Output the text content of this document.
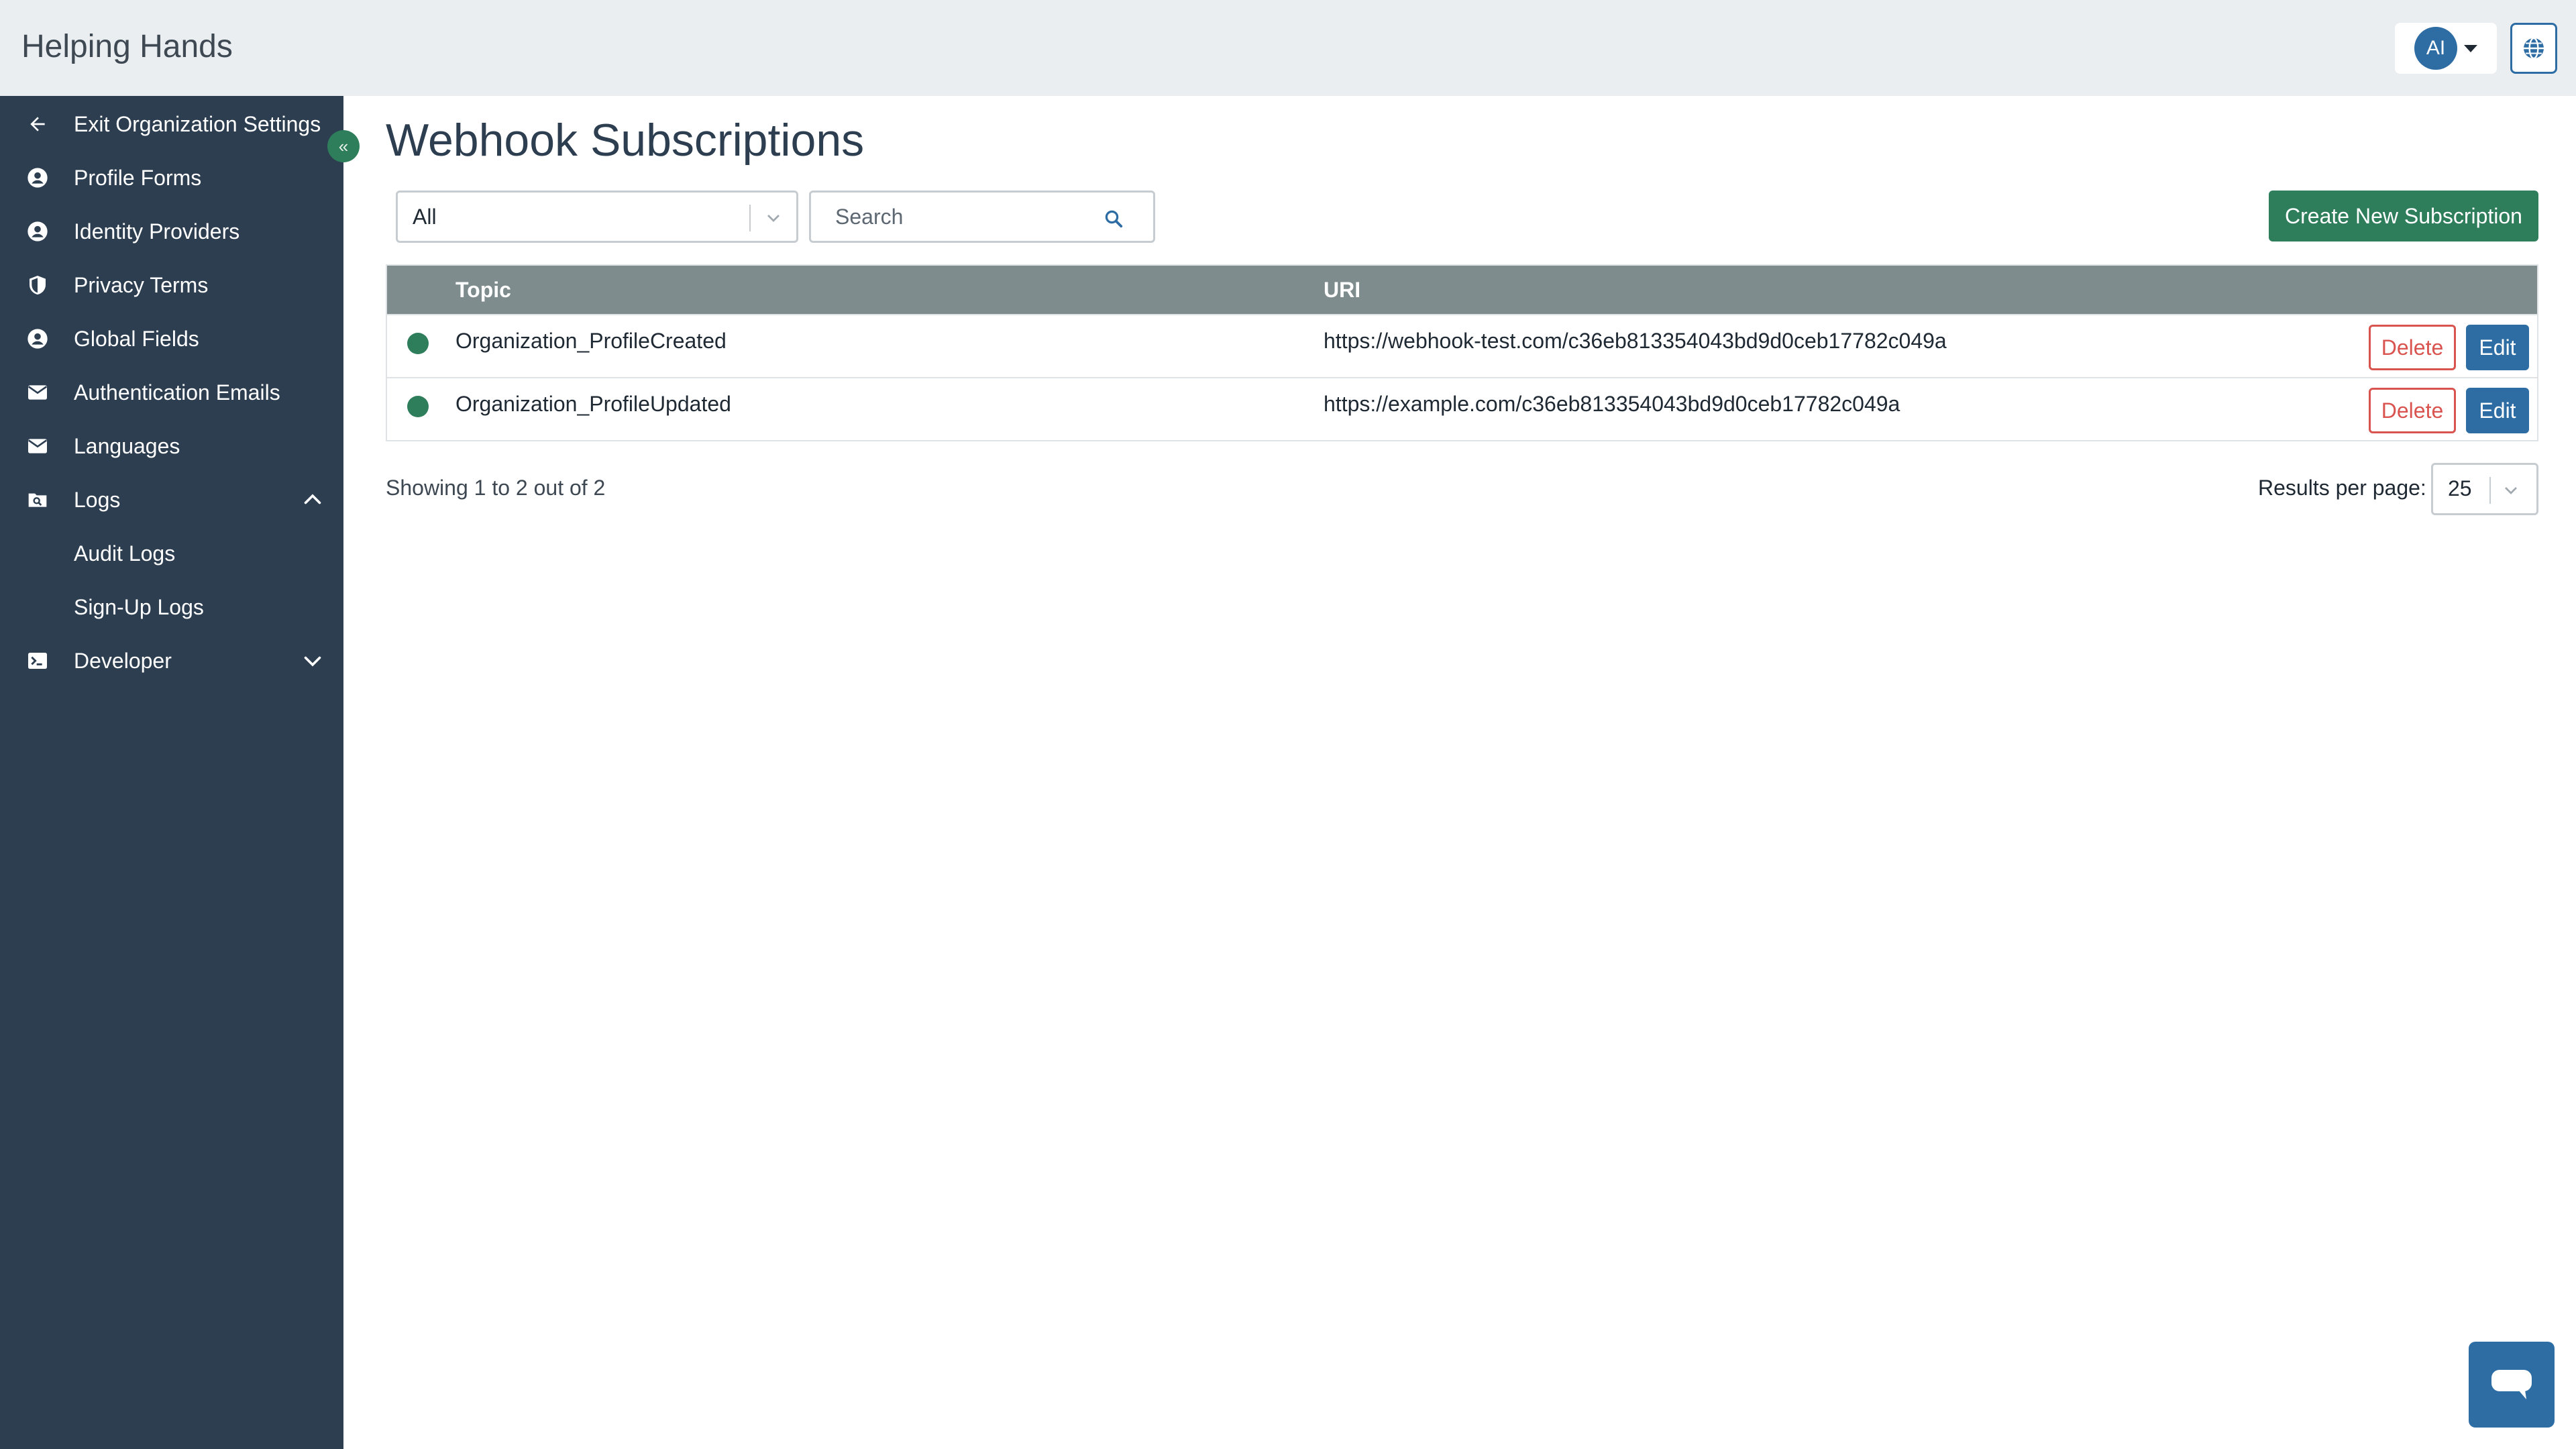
Helping Hands	AI
Exit Organization Settings
Profile Forms
Identity Providers
Privacy Terms
Global Fields
Authentication Emails
Languages
Logs
Audit Logs
Sign-Up Logs
Developer
« Webhook Subscriptions
All
Search	Create New Subscription
Topic	URI
Organization_ProfileCreated	https://webhook-test.com/c36eb813354043bd9d0ceb17782c049a	Delete	Edit
Organization_ProfileUpdated	https://example.com/c36eb813354043bd9d0ceb17782c049a	Delete	Edit
Showing 1 to 2 out of 2	Results per page: 25
